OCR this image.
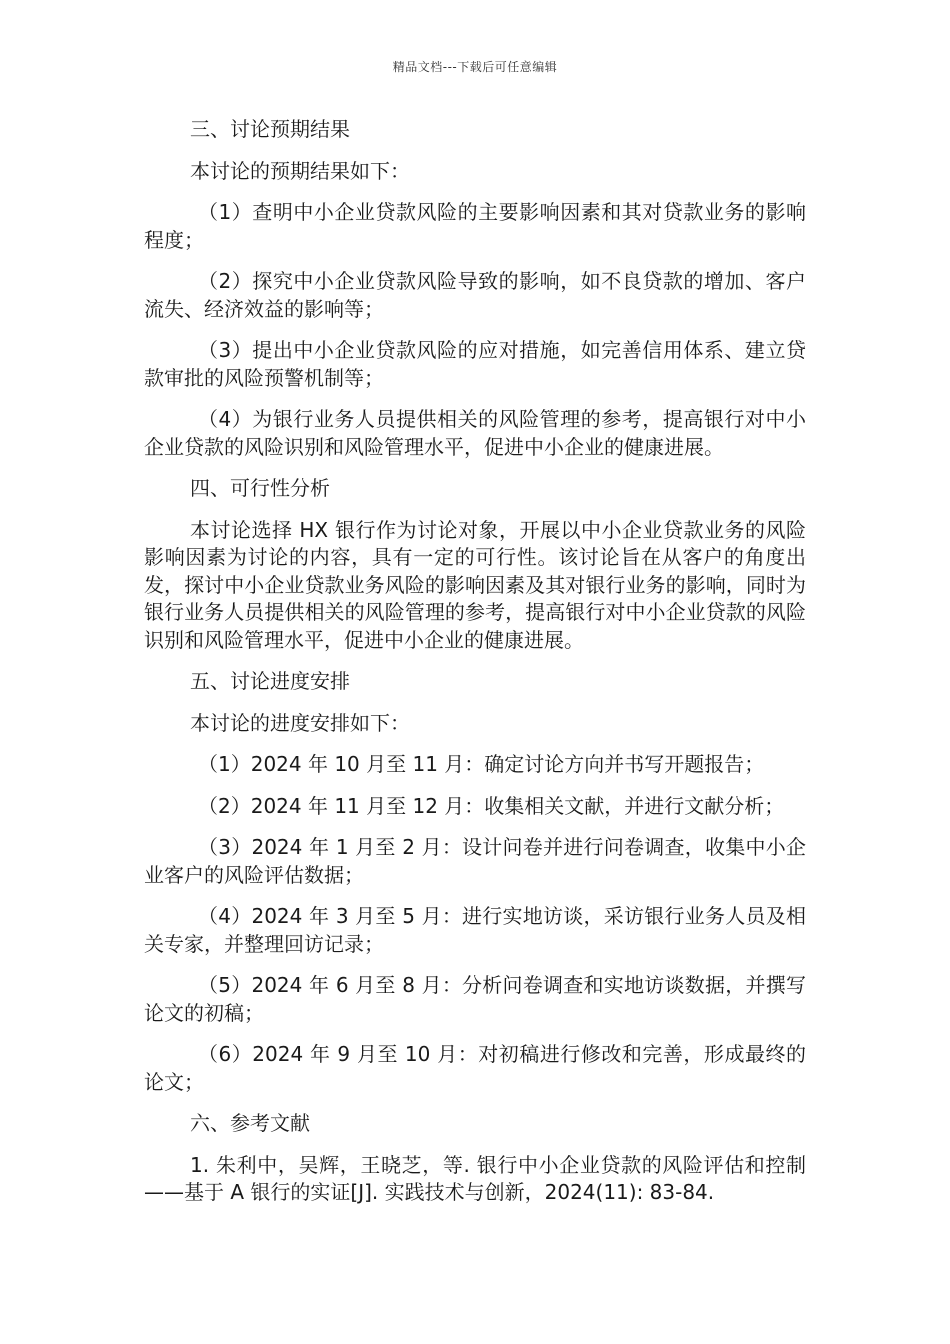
精品文档---下载后可任意编辑

三、讨论预期结果

本讨论的预期结果如下：

（1）查明中小企业贷款风险的主要影响因素和其对贷款业务的影响程度；

（2）探究中小企业贷款风险导致的影响，如不良贷款的增加、客户流失、经济效益的影响等；

（3）提出中小企业贷款风险的应对措施，如完善信用体系、建立贷款审批的风险预警机制等；

（4）为银行业务人员提供相关的风险管理的参考，提高银行对中小企业贷款的风险识别和风险管理水平，促进中小企业的健康进展。

四、可行性分析

本讨论选择 HX 银行作为讨论对象，开展以中小企业贷款业务的风险影响因素为讨论的内容，具有一定的可行性。该讨论旨在从客户的角度出发，探讨中小企业贷款业务风险的影响因素及其对银行业务的影响，同时为银行业务人员提供相关的风险管理的参考，提高银行对中小企业贷款的风险识别和风险管理水平，促进中小企业的健康进展。

五、讨论进度安排

本讨论的进度安排如下：

（1）2024 年 10 月至 11 月：确定讨论方向并书写开题报告；

（2）2024 年 11 月至 12 月：收集相关文献，并进行文献分析；

（3）2024 年 1 月至 2 月：设计问卷并进行问卷调查，收集中小企业客户的风险评估数据；

（4）2024 年 3 月至 5 月：进行实地访谈，采访银行业务人员及相关专家，并整理回访记录；

（5）2024 年 6 月至 8 月：分析问卷调查和实地访谈数据，并撰写论文的初稿；

（6）2024 年 9 月至 10 月：对初稿进行修改和完善，形成最终的论文；

六、参考文献

1. 朱利中，吴辉，王晓芝，等. 银行中小企业贷款的风险评估和控制——基于 A 银行的实证[J]. 实践技术与创新，2024(11): 83-84.
